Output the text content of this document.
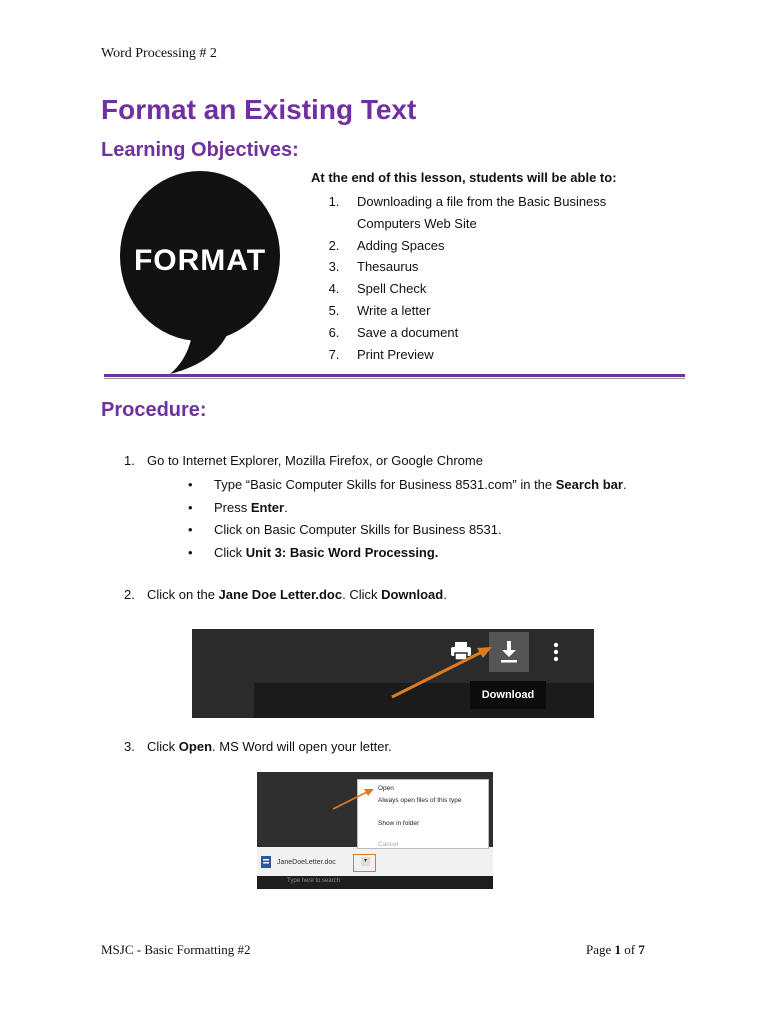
Word Processing # 2
Format an Existing Text
Learning Objectives:
FORMAT
At the end of this lesson, students will be able to:
1.	Downloading a file from the Basic Business
Computers Web Site
2.	Adding Spaces
3.	Thesaurus
4.	Spell Check
5.	Write a letter
6.	Save a document
7.	Print Preview
Procedure:
1. Go to Internet Explorer, Mozilla Firefox, or Google Chrome
• Type “Basic Computer Skills for Business 8531.com” in the Search bar.
• Press Enter.
• Click on Basic Computer Skills for Business 8531.
• Click Unit 3: Basic Word Processing.
2. Click on the Jane Doe Letter.doc. Click Download.
Download
3. Click Open. MS Word will open your letter.
JaneDoeLetter.doc	▾
Open
Always open files of this type
Show in folder
Cancel
Type here to search
MSJC - Basic Formatting #2	Page 1 of 7
